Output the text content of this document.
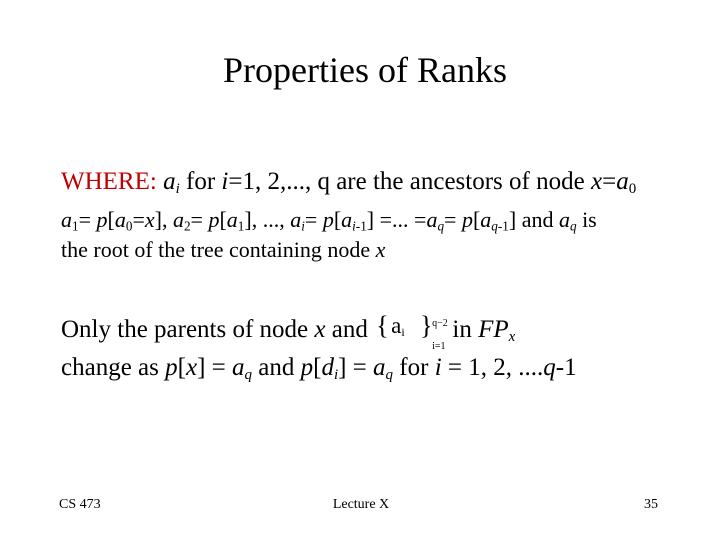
Properties of Ranks
WHERE: $a_i$ for i=1, 2,..., q are the ancestors of node $x=a_0$
$a_1= p[a_0=x]$, $a_2= p[a_1]$, ..., $a_i= p[a_{i-1}]$ =... $=a_q= p[a_{q-1}]$ and $a_q$ is
the root of the tree containing node x
Only the parents of node x and { ai } q−2
i=1
in $FP_x$
change as $p[x] = a_q$ and $p[d_i] = a_q$ for i = 1, 2, ....q-1
CS 473	Lecture X	35
